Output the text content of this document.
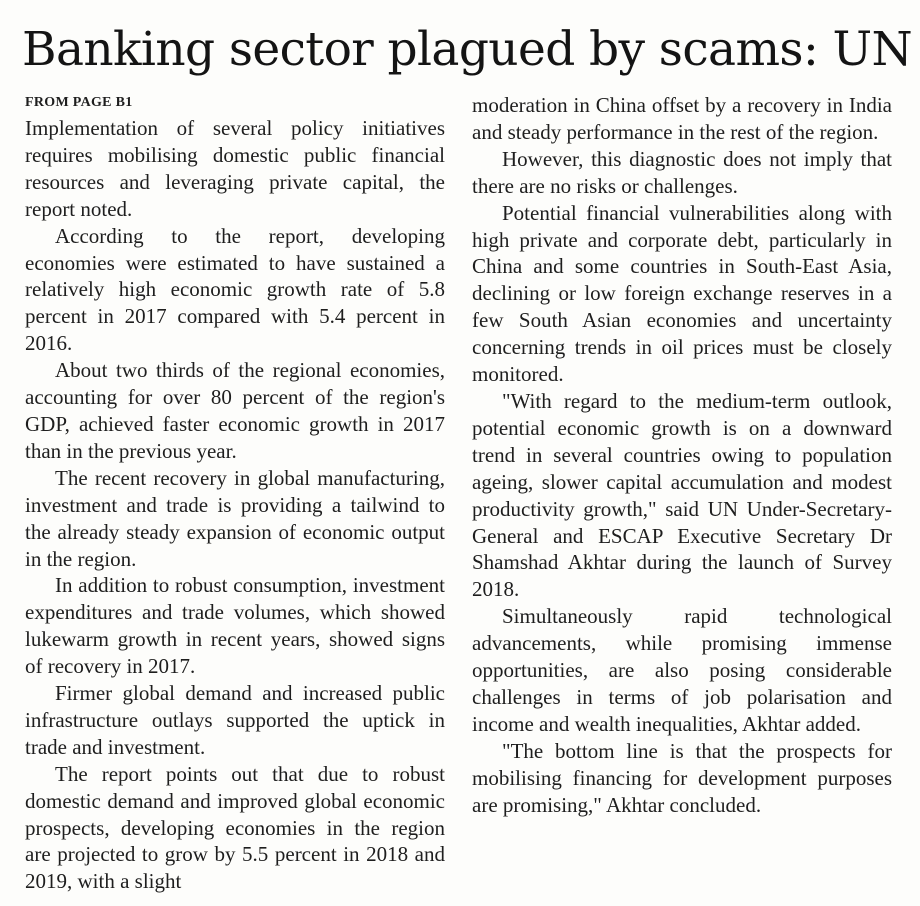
Banking sector plagued by scams: UN
FROM PAGE B1

Implementation of several policy initiatives requires mobilising domestic public financial resources and leveraging private capital, the report noted.

According to the report, developing economies were estimated to have sustained a relatively high economic growth rate of 5.8 percent in 2017 compared with 5.4 percent in 2016.

About two thirds of the regional economies, accounting for over 80 percent of the region's GDP, achieved faster economic growth in 2017 than in the previous year.

The recent recovery in global manufacturing, investment and trade is providing a tailwind to the already steady expansion of economic output in the region.

In addition to robust consumption, investment expenditures and trade volumes, which showed lukewarm growth in recent years, showed signs of recovery in 2017.

Firmer global demand and increased public infrastructure outlays supported the uptick in trade and investment.

The report points out that due to robust domestic demand and improved global economic prospects, developing economies in the region are projected to grow by 5.5 percent in 2018 and 2019, with a slight

moderation in China offset by a recovery in India and steady performance in the rest of the region.

However, this diagnostic does not imply that there are no risks or challenges.

Potential financial vulnerabilities along with high private and corporate debt, particularly in China and some countries in South-East Asia, declining or low foreign exchange reserves in a few South Asian economies and uncertainty concerning trends in oil prices must be closely monitored.

"With regard to the medium-term outlook, potential economic growth is on a downward trend in several countries owing to population ageing, slower capital accumulation and modest productivity growth," said UN Under-Secretary-General and ESCAP Executive Secretary Dr Shamshad Akhtar during the launch of Survey 2018.

Simultaneously rapid technological advancements, while promising immense opportunities, are also posing considerable challenges in terms of job polarisation and income and wealth inequalities, Akhtar added.

"The bottom line is that the prospects for mobilising financing for development purposes are promising," Akhtar concluded.
